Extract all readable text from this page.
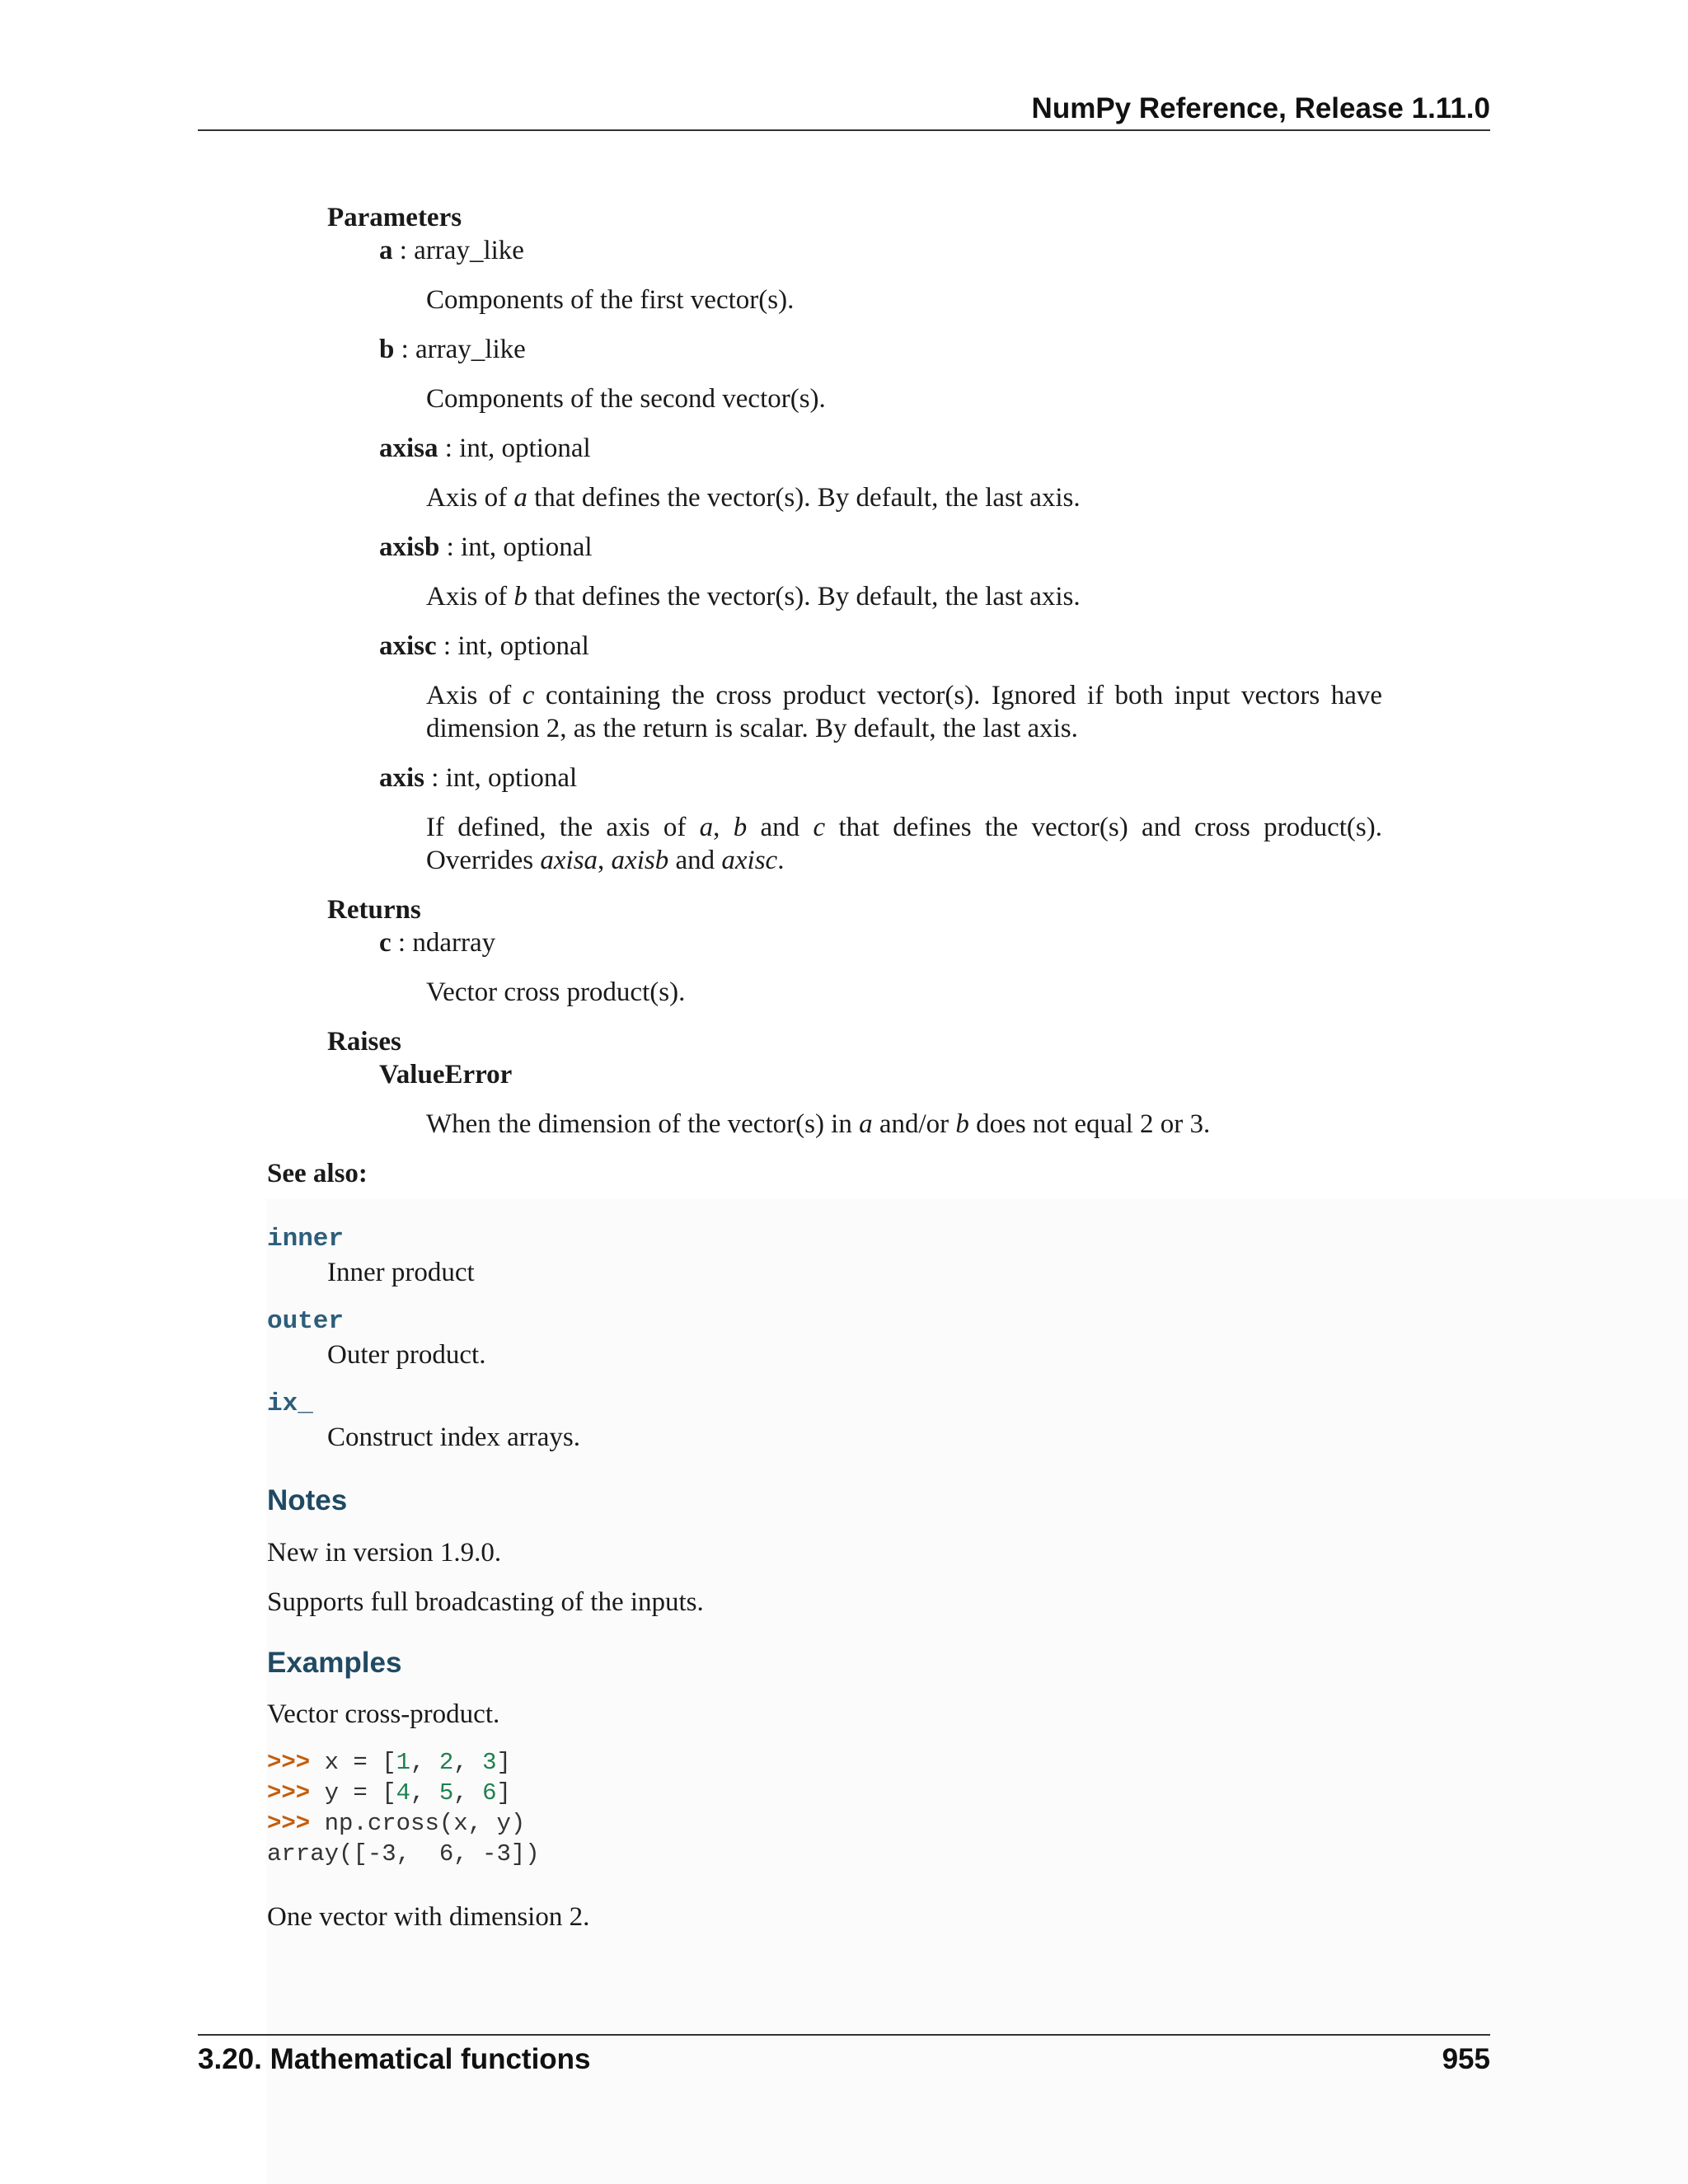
NumPy Reference, Release 1.11.0
Parameters
a : array_like
Components of the first vector(s).
b : array_like
Components of the second vector(s).
axisa : int, optional
Axis of a that defines the vector(s). By default, the last axis.
axisb : int, optional
Axis of b that defines the vector(s). By default, the last axis.
axisc : int, optional
Axis of c containing the cross product vector(s). Ignored if both input vectors have dimension 2, as the return is scalar. By default, the last axis.
axis : int, optional
If defined, the axis of a, b and c that defines the vector(s) and cross product(s). Overrides axisa, axisb and axisc.
Returns
c : ndarray
Vector cross product(s).
Raises
ValueError
When the dimension of the vector(s) in a and/or b does not equal 2 or 3.
See also:
inner
Inner product
outer
Outer product.
ix_
Construct index arrays.
Notes
New in version 1.9.0.
Supports full broadcasting of the inputs.
Examples
Vector cross-product.
>>> x = [1, 2, 3]
>>> y = [4, 5, 6]
>>> np.cross(x, y)
array([-3,  6, -3])
One vector with dimension 2.
3.20. Mathematical functions	955
